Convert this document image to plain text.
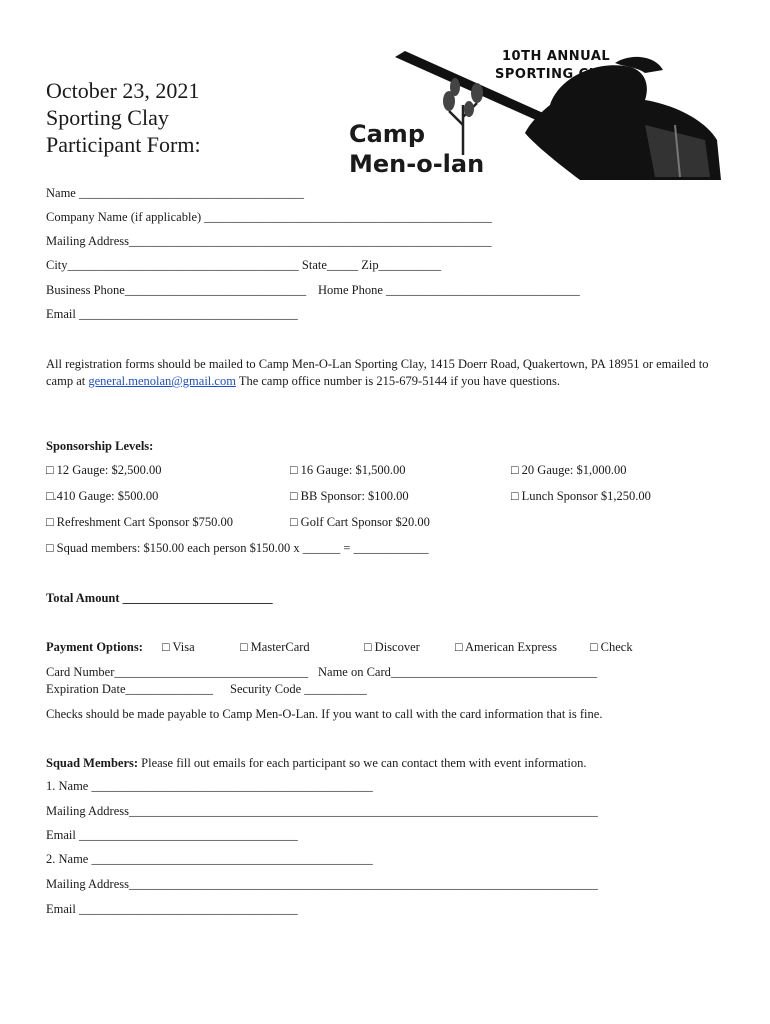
October 23, 2021
Sporting Clay
Participant Form:
10TH ANNUAL
SPORTING CLAY
Camp
Men-o-lan
Name ____________________________________
Company Name (if applicable) ______________________________________________
Mailing Address__________________________________________________________
City_____________________________________ State_____ Zip__________
Business Phone_____________________________ Home Phone _______________________________
Email ___________________________________
All registration forms should be mailed to Camp Men-O-Lan Sporting Clay, 1415 Doerr Road, Quakertown, PA 18951 or emailed to camp at general.menolan@gmail.com The camp office number is 215-679-5144 if you have questions.
Sponsorship Levels:
□ 12 Gauge: $2,500.00	□ 16 Gauge: $1,500.00	□ 20 Gauge: $1,000.00
□.410 Gauge: $500.00	□ BB Sponsor: $100.00	□ Lunch Sponsor $1,250.00
□ Refreshment Cart Sponsor $750.00	□ Golf Cart Sponsor $20.00
□ Squad members: $150.00 each person $150.00 x ______ = ____________
Total Amount ________________________
Payment Options: □ Visa	□ MasterCard	□ Discover	□ American Express	□ Check
Card Number_______________________________ Name on Card_________________________________
Expiration Date______________ Security Code __________
Checks should be made payable to Camp Men-O-Lan. If you want to call with the card information that is fine.
Squad Members: Please fill out emails for each participant so we can contact them with event information.
1. Name _____________________________________________
Mailing Address___________________________________________________________________________
Email ___________________________________
2. Name _____________________________________________
Mailing Address___________________________________________________________________________
Email ___________________________________
